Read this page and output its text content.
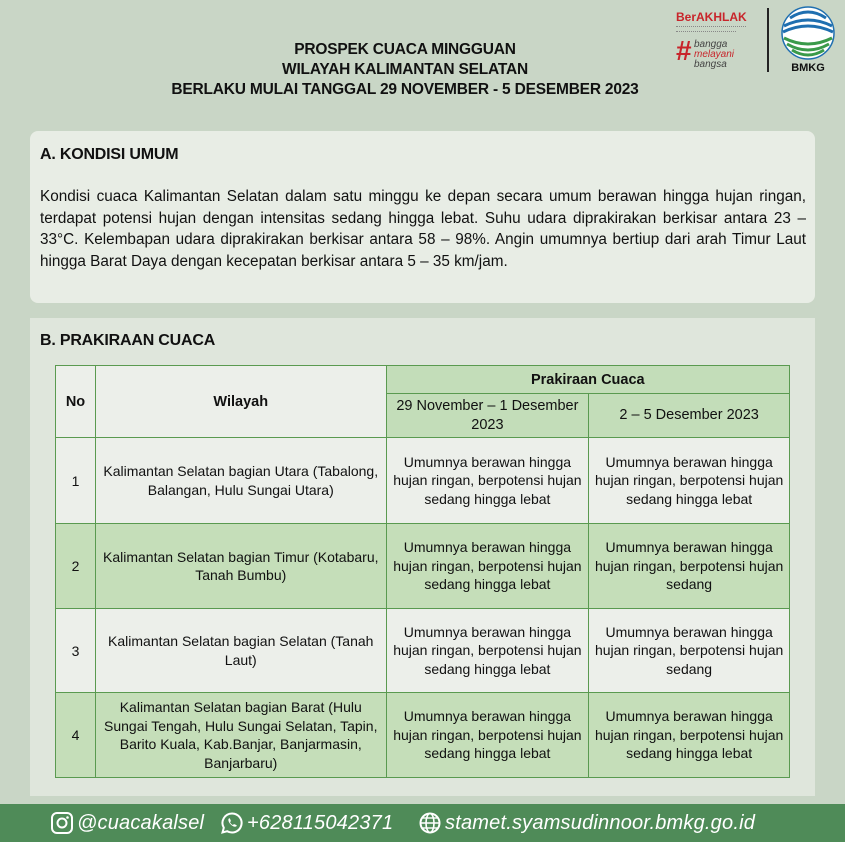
PROSPEK CUACA MINGGUAN
WILAYAH KALIMANTAN SELATAN
BERLAKU MULAI TANGGAL 29 NOVEMBER - 5 DESEMBER 2023
BerAKHLAK
# bangga
melayani
bangsa	BMKG
A. KONDISI UMUM
Kondisi cuaca Kalimantan Selatan dalam satu minggu ke depan secara umum berawan hingga hujan ringan, terdapat potensi hujan dengan intensitas sedang hingga lebat. Suhu udara diprakirakan berkisar antara 23 – 33°C. Kelembapan udara diprakirakan berkisar antara 58 – 98%. Angin umumnya bertiup dari arah Timur Laut hingga Barat Daya dengan kecepatan berkisar antara 5 – 35 km/jam.
B. PRAKIRAAN CUACA
No	Wilayah	Prakiraan Cuaca	

		29 November – 1 Desember 2023	2 – 5 Desember 2023

1	Kalimantan Selatan bagian Utara (Tabalong, Balangan, Hulu Sungai Utara)	Umumnya berawan hingga hujan ringan, berpotensi hujan sedang hingga lebat	Umumnya berawan hingga hujan ringan, berpotensi hujan sedang hingga lebat

2	Kalimantan Selatan bagian Timur (Kotabaru, Tanah Bumbu)	Umumnya berawan hingga hujan ringan, berpotensi hujan sedang hingga lebat	Umumnya berawan hingga hujan ringan, berpotensi hujan sedang

3	Kalimantan Selatan bagian Selatan (Tanah Laut)	Umumnya berawan hingga hujan ringan, berpotensi hujan sedang hingga lebat	Umumnya berawan hingga hujan ringan, berpotensi hujan sedang

4	Kalimantan Selatan bagian Barat (Hulu Sungai Tengah, Hulu Sungai Selatan, Tapin, Barito Kuala, Kab.Banjar, Banjarmasin, Banjarbaru)	Umumnya berawan hingga hujan ringan, berpotensi hujan sedang hingga lebat	Umumnya berawan hingga hujan ringan, berpotensi hujan sedang hingga lebat
@cuacakalsel +628115042371	stamet.syamsudinnoor.bmkg.go.id
